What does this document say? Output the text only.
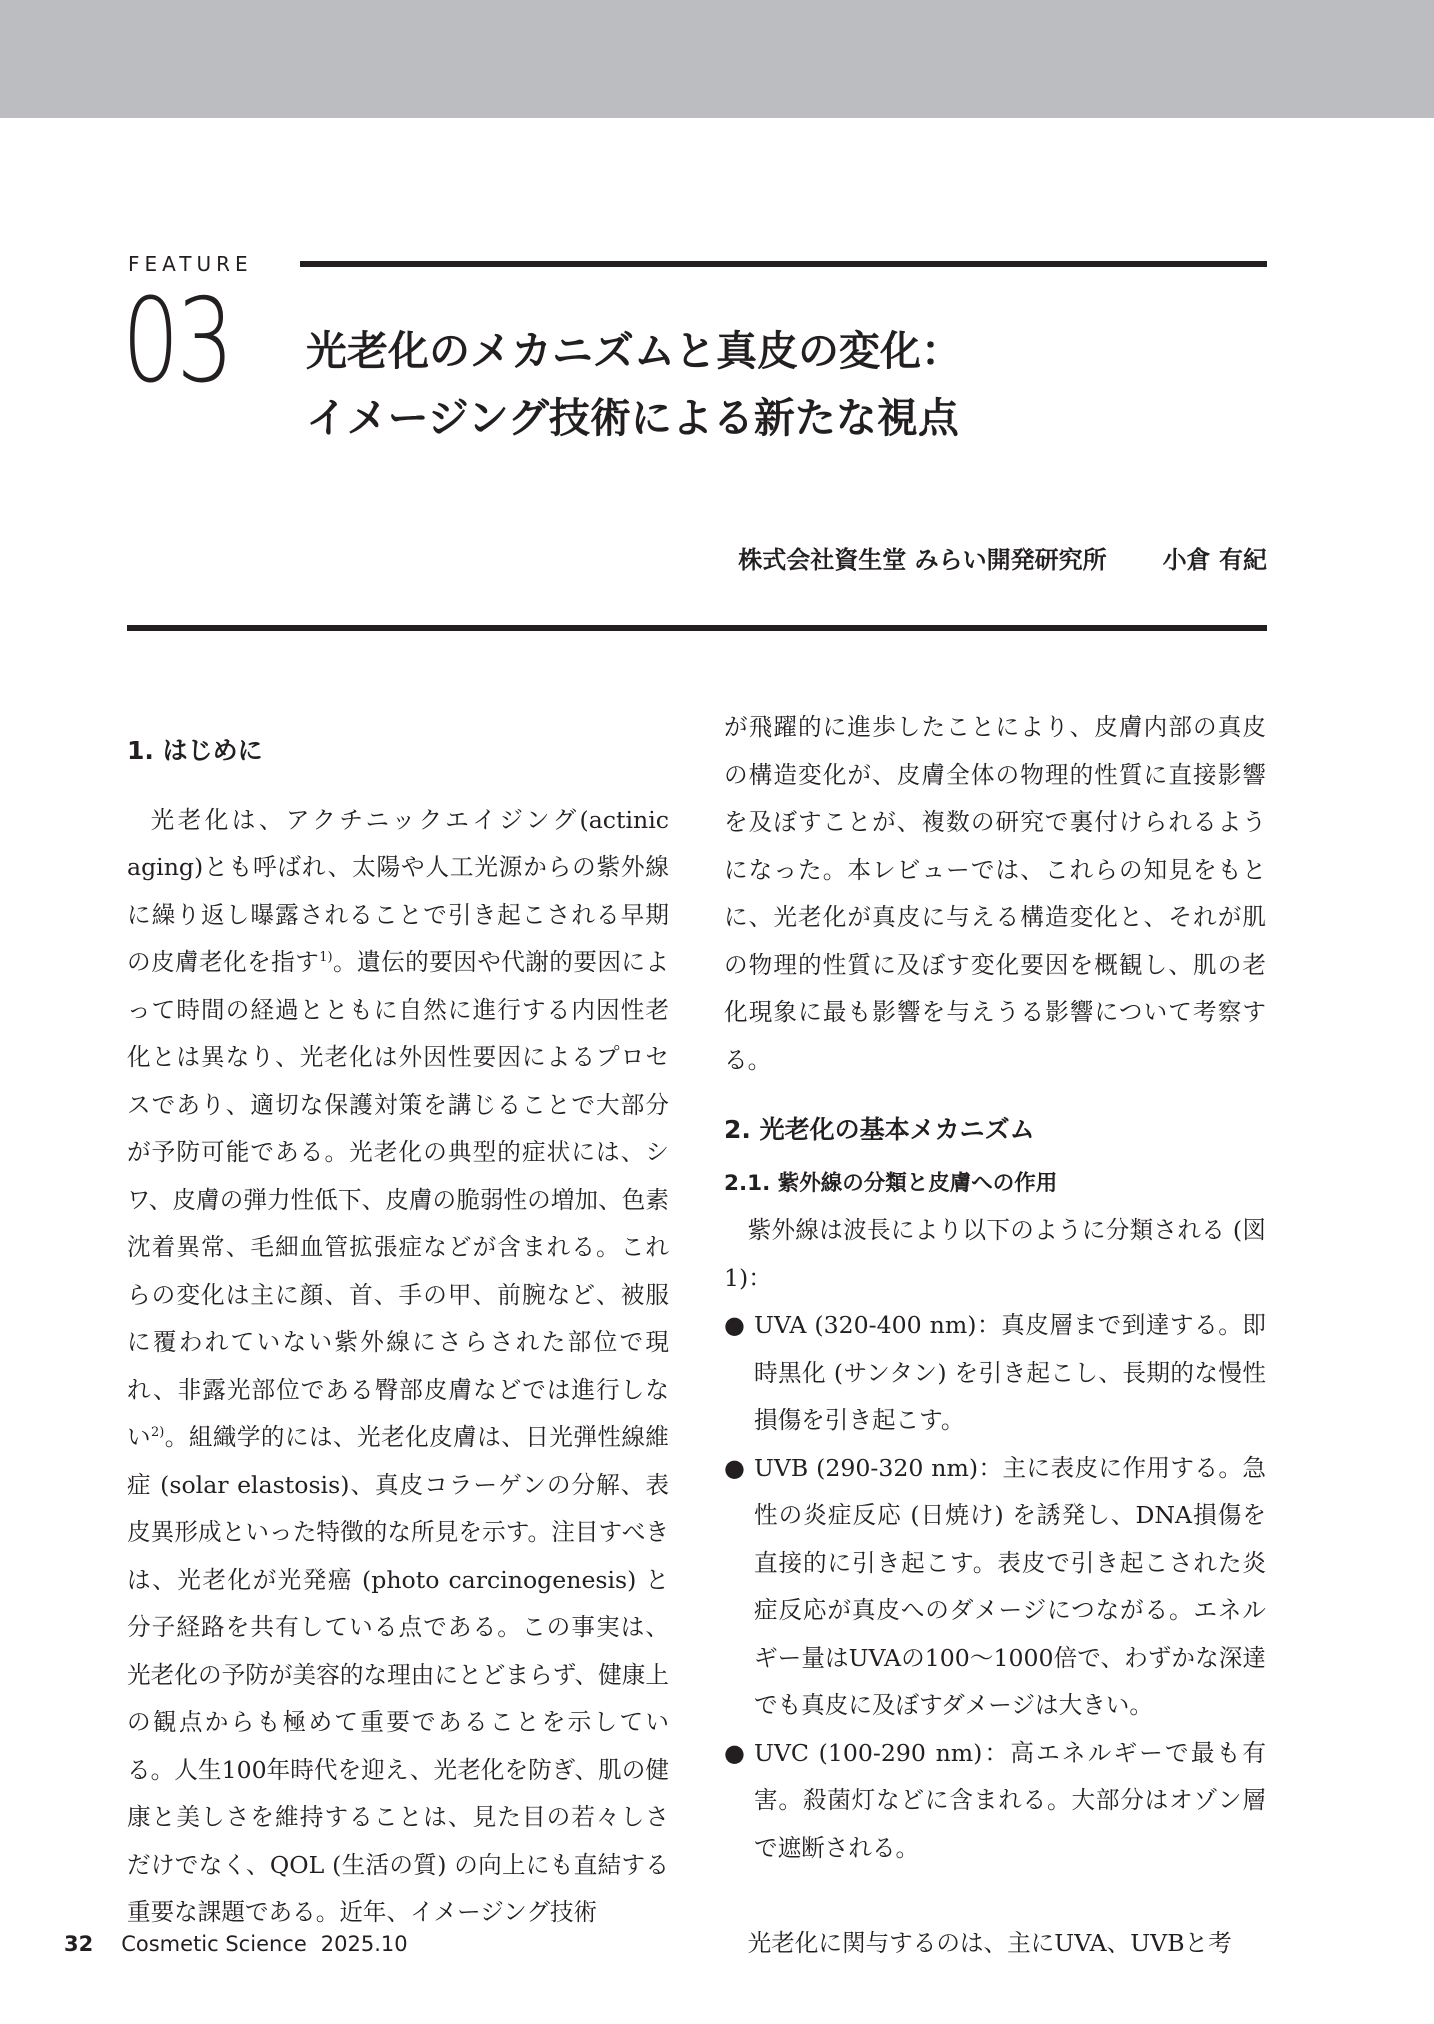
FEATURE
03 光老化のメカニズムと真皮の変化：
イメージング技術による新たな視点
株式会社資生堂 みらい開発研究所 小倉 有紀
1. はじめに

光老化は、アクチニックエイジング(actinic aging)とも呼ばれ、太陽や人工光源からの紫外線に繰り返し曝露されることで引き起こされる早期の皮膚老化を指す$^{1)}$。遺伝的要因や代謝的要因によって時間の経過とともに自然に進行する内因性老化とは異なり、光老化は外因性要因によるプロセスであり、適切な保護対策を講じることで大部分が予防可能である。光老化の典型的症状には、シワ、皮膚の弾力性低下、皮膚の脆弱性の増加、色素沈着異常、毛細血管拡張症などが含まれる。これらの変化は主に顔、首、手の甲、前腕など、被服に覆われていない紫外線にさらされた部位で現れ、非露光部位である臀部皮膚などでは進行しない$^{2)}$。組織学的には、光老化皮膚は、日光弾性線維症 (solar elastosis)、真皮コラーゲンの分解、表皮異形成といった特徴的な所見を示す。注目すべきは、光老化が光発癌 (photo carcinogenesis) と分子経路を共有している点である。この事実は、光老化の予防が美容的な理由にとどまらず、健康上の観点からも極めて重要であることを示している。人生100年時代を迎え、光老化を防ぎ、肌の健康と美しさを維持することは、見た目の若々しさだけでなく、QOL (生活の質) の向上にも直結する重要な課題である。近年、イメージング技術

が飛躍的に進歩したことにより、皮膚内部の真皮の構造変化が、皮膚全体の物理的性質に直接影響を及ぼすことが、複数の研究で裏付けられるようになった。本レビューでは、これらの知見をもとに、光老化が真皮に与える構造変化と、それが肌の物理的性質に及ぼす変化要因を概観し、肌の老化現象に最も影響を与えうる影響について考察する。

2. 光老化の基本メカニズム
2.1. 紫外線の分類と皮膚への作用

紫外線は波長により以下のように分類される (図1)：

● UVA (320-400 nm)：真皮層まで到達する。即時黒化 (サンタン) を引き起こし、長期的な慢性損傷を引き起こす。
● UVB (290-320 nm)：主に表皮に作用する。急性の炎症反応 (日焼け) を誘発し、DNA損傷を直接的に引き起こす。表皮で引き起こされた炎症反応が真皮へのダメージにつながる。エネルギー量はUVAの100〜1000倍で、わずかな深達でも真皮に及ぼすダメージは大きい。
● UVC (100-290 nm)：高エネルギーで最も有害。殺菌灯などに含まれる。大部分はオゾン層で遮断される。

光老化に関与するのは、主にUVA、UVBと考

32 Cosmetic Science 2025.10
